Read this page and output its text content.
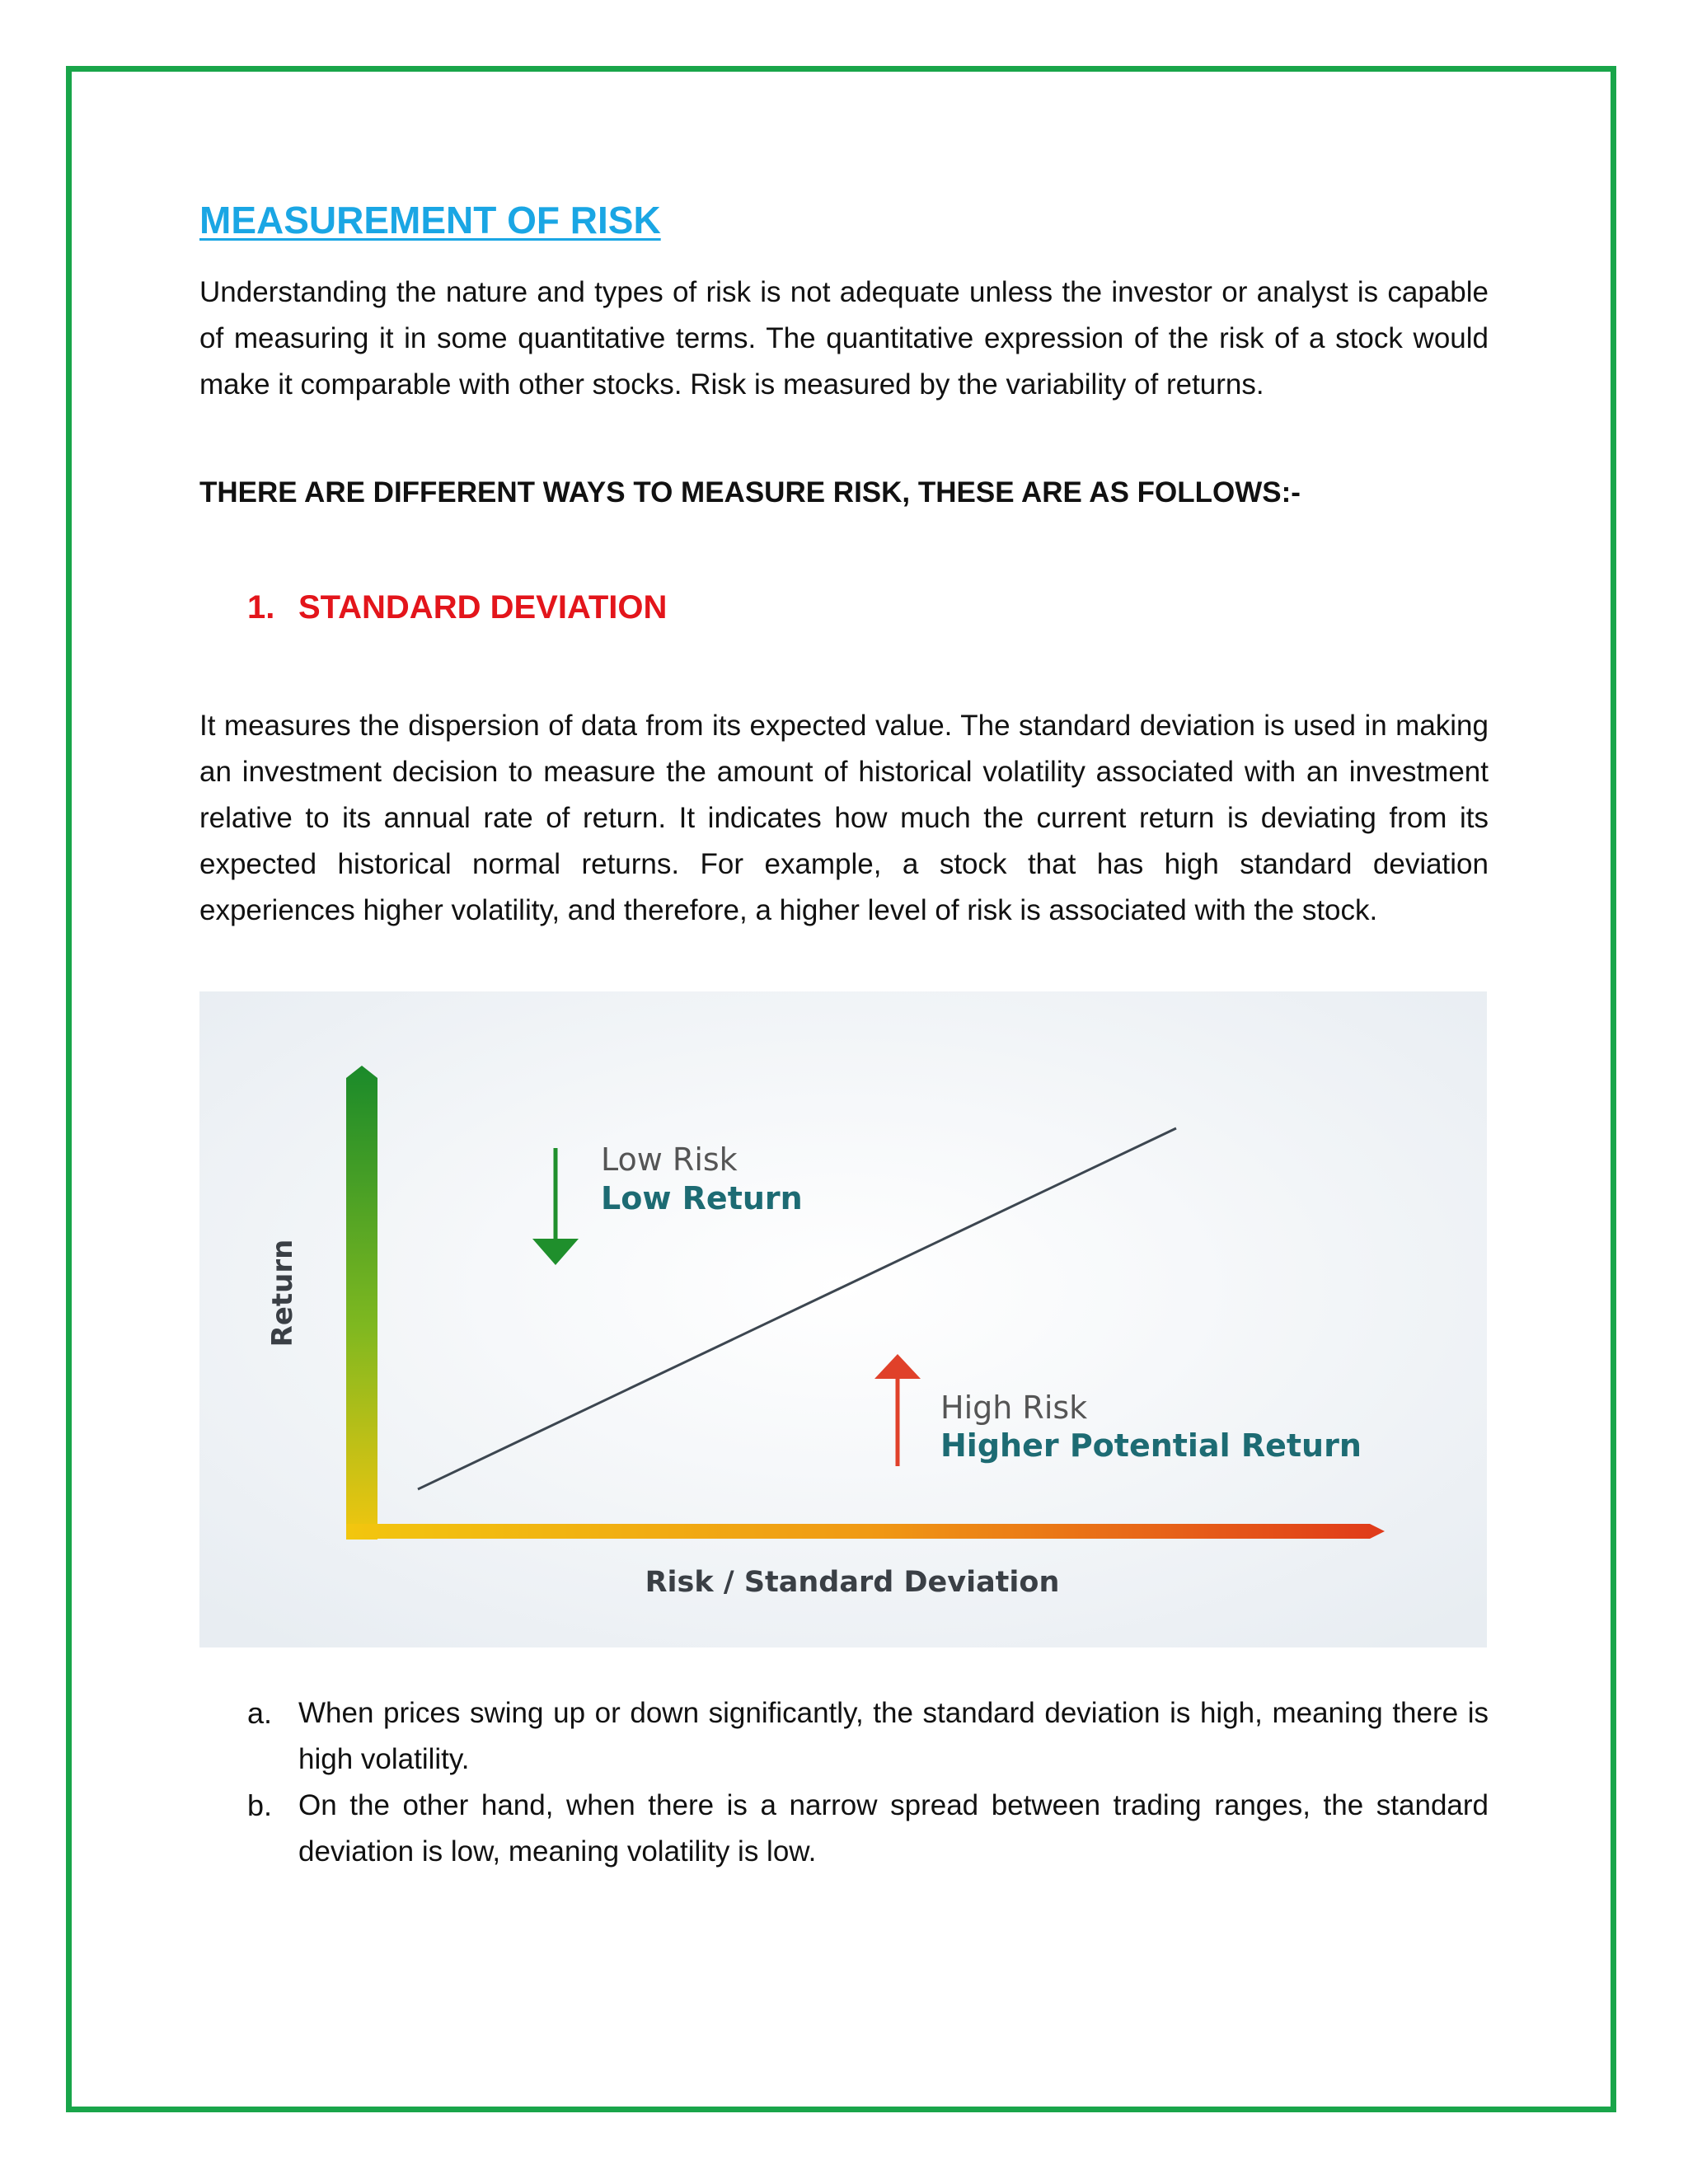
MEASUREMENT OF RISK

Understanding the nature and types of risk is not adequate unless the investor or analyst is capable of measuring it in some quantitative terms. The quantitative expression of the risk of a stock would make it comparable with other stocks. Risk is measured by the variability of returns.

THERE ARE DIFFERENT WAYS TO MEASURE RISK, THESE ARE AS FOLLOWS:-
1. STANDARD DEVIATION

It measures the dispersion of data from its expected value. The standard deviation is used in making an investment decision to measure the amount of historical volatility associated with an investment relative to its annual rate of return. It indicates how much the current return is deviating from its expected historical normal returns. For example, a stock that has high standard deviation experiences higher volatility, and therefore, a higher level of risk is associated with the stock.

Low Risk
Low Return
High Risk
Higher Potential Return
Return
Risk / Standard Deviation
a. When prices swing up or down significantly, the standard deviation is high, meaning there is high volatility.
b. On the other hand, when there is a narrow spread between trading ranges, the standard deviation is low, meaning volatility is low.
